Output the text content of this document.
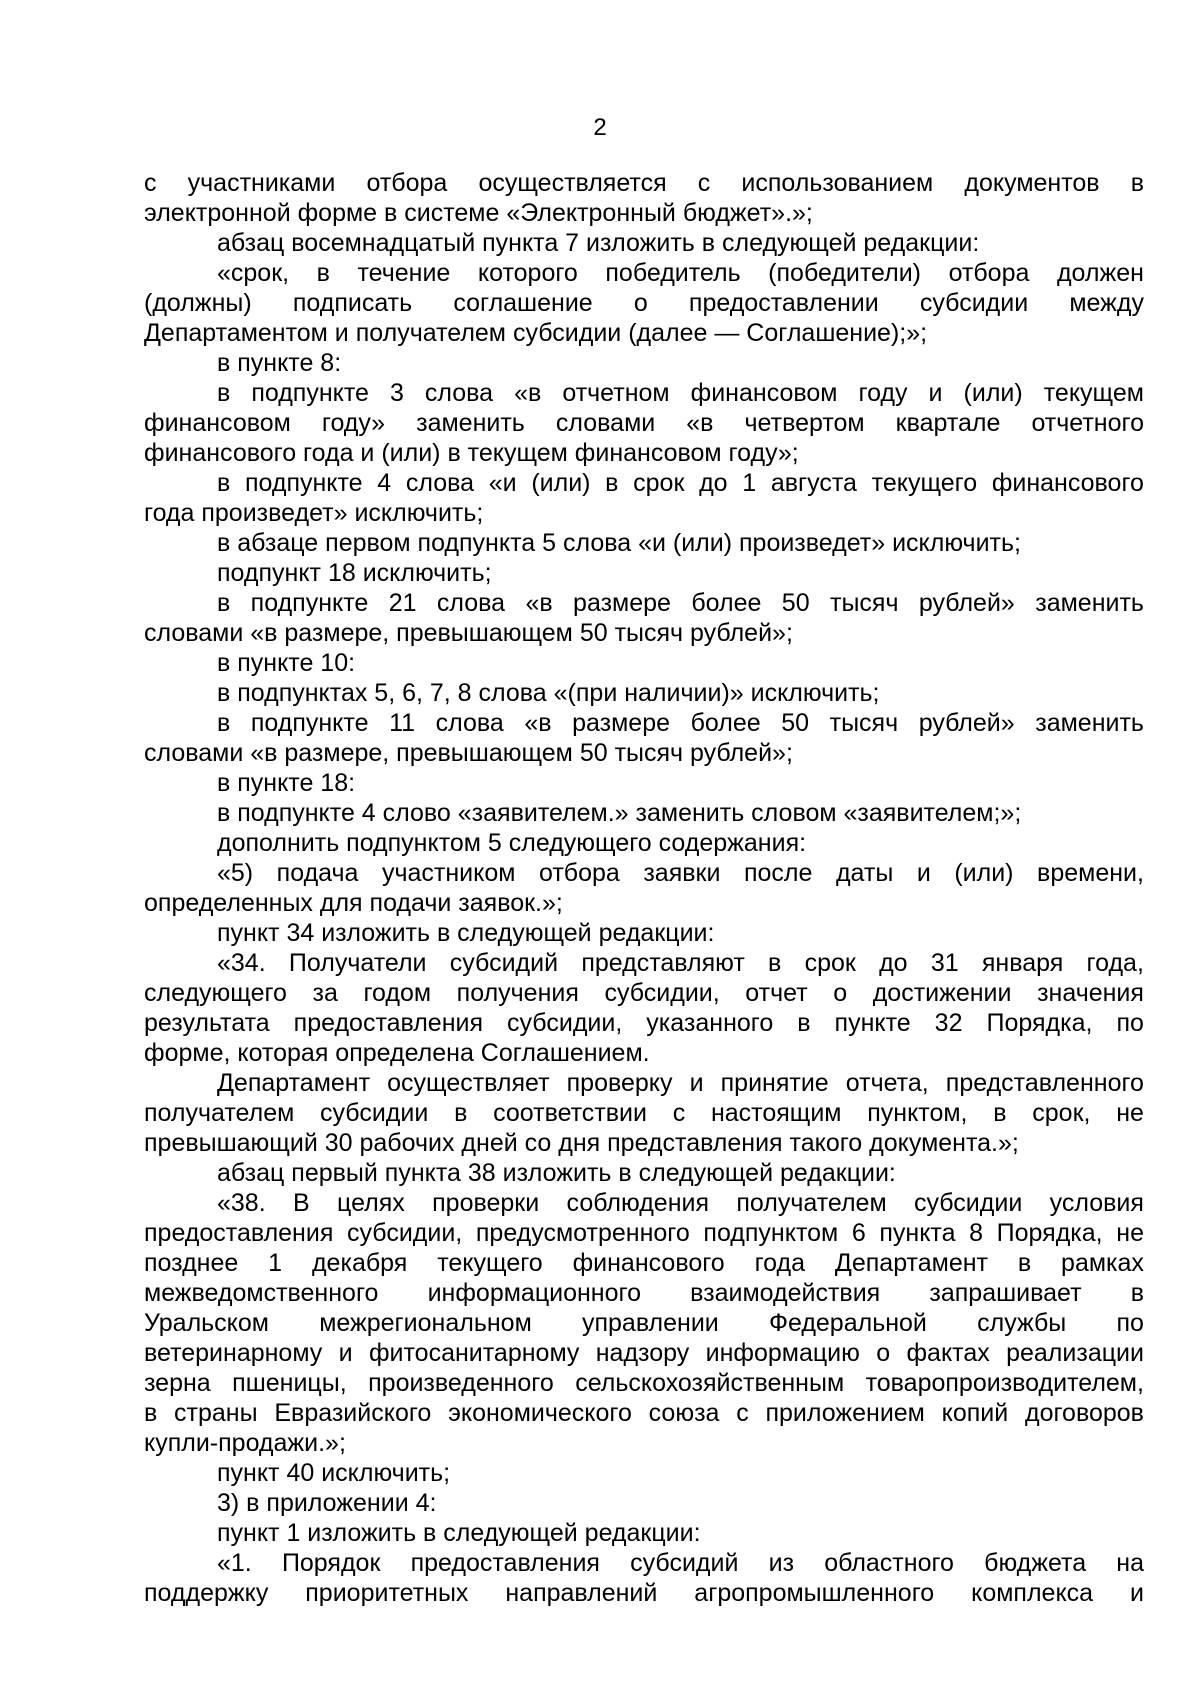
2
с участниками отбора осуществляется с использованием документов в
электронной форме в системе «Электронный бюджет».»;
абзац восемнадцатый пункта 7 изложить в следующей редакции:
«срок, в течение которого победитель (победители) отбора должен
(должны) подписать соглашение о предоставлении субсидии между
Департаментом и получателем субсидии (далее — Соглашение);»;
в пункте 8:
в подпункте 3 слова «в отчетном финансовом году и (или) текущем
финансовом году» заменить словами «в четвертом квартале отчетного
финансового года и (или) в текущем финансовом году»;
в подпункте 4 слова «и (или) в срок до 1 августа текущего финансового
года произведет» исключить;
в абзаце первом подпункта 5 слова «и (или) произведет» исключить;
подпункт 18 исключить;
в подпункте 21 слова «в размере более 50 тысяч рублей» заменить
словами «в размере, превышающем 50 тысяч рублей»;
в пункте 10:
в подпунктах 5, 6, 7, 8 слова «(при наличии)» исключить;
в подпункте 11 слова «в размере более 50 тысяч рублей» заменить
словами «в размере, превышающем 50 тысяч рублей»;
в пункте 18:
в подпункте 4 слово «заявителем.» заменить словом «заявителем;»;
дополнить подпунктом 5 следующего содержания:
«5) подача участником отбора заявки после даты и (или) времени,
определенных для подачи заявок.»;
пункт 34 изложить в следующей редакции:
«34. Получатели субсидий представляют в срок до 31 января года,
следующего за годом получения субсидии, отчет о достижении значения
результата предоставления субсидии, указанного в пункте 32 Порядка, по
форме, которая определена Соглашением.
Департамент осуществляет проверку и принятие отчета, представленного
получателем субсидии в соответствии с настоящим пунктом, в срок, не
превышающий 30 рабочих дней со дня представления такого документа.»;
абзац первый пункта 38 изложить в следующей редакции:
«38. В целях проверки соблюдения получателем субсидии условия
предоставления субсидии, предусмотренного подпунктом 6 пункта 8 Порядка, не
позднее 1 декабря текущего финансового года Департамент в рамках
межведомственного информационного взаимодействия запрашивает в
Уральском межрегиональном управлении Федеральной службы по
ветеринарному и фитосанитарному надзору информацию о фактах реализации
зерна пшеницы, произведенного сельскохозяйственным товаропроизводителем,
в страны Евразийского экономического союза с приложением копий договоров
купли-продажи.»;
пункт 40 исключить;
3) в приложении 4:
пункт 1 изложить в следующей редакции:
«1. Порядок предоставления субсидий из областного бюджета на
поддержку приоритетных направлений агропромышленного комплекса и
